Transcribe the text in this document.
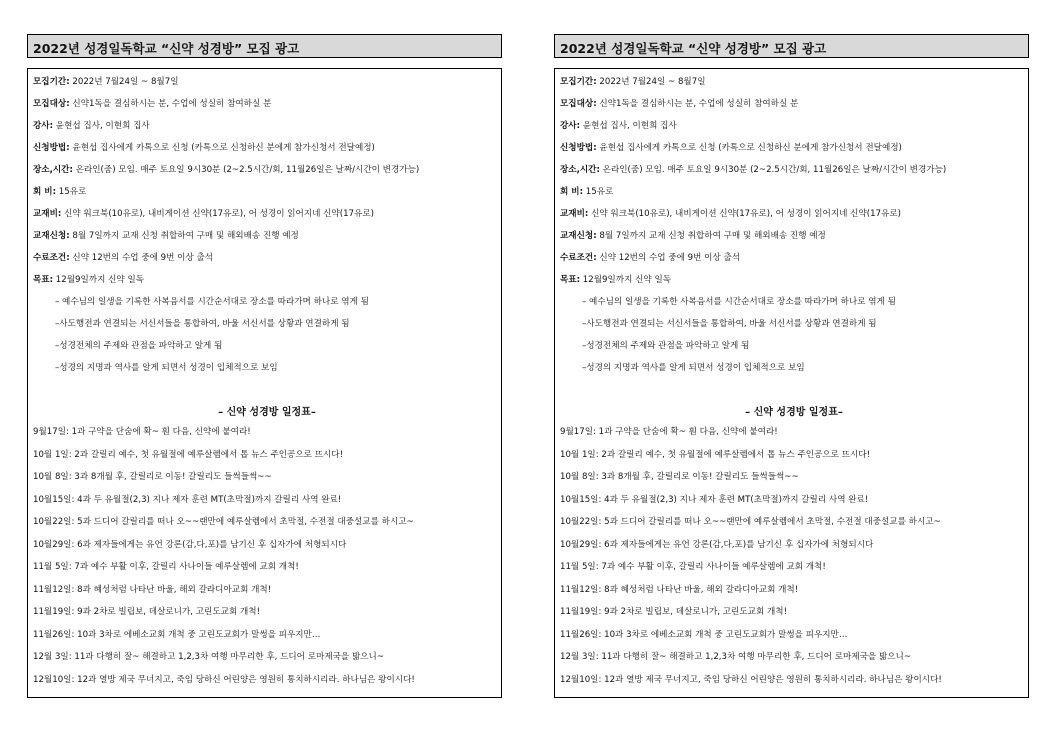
2022년 성경일독학교 “신약 성경방” 모집 광고
모집기간: 2022년 7월24일 ~ 8월7일
모집대상: 신약1독을 결심하시는 분, 수업에 성실히 참여하실 분
강사: 윤현섭 집사, 이현희 집사
신청방법: 윤현섭 집사에게 카톡으로 신청 (카톡으로 신청하신 분에게 참가신청서 전달예정)
장소,시간: 온라인(줌) 모임. 매주 토요일 9시30분 (2~2.5시간/회, 11월26일은 날짜/시간이 변경가능)
회 비: 15유로
교재비: 신약 워크북(10유로), 내비게이션 신약(17유로), 어 성경이 읽어지네 신약(17유로)
교재신청: 8월 7일까지 교재 신청 취합하여 구매 및 해외배송 진행 예정
수료조건: 신약 12번의 수업 중에 9번 이상 출석
목표: 12월9일까지 신약 일독
– 예수님의 일생을 기록한 사복음서를 시간순서대로 장소를 따라가며 하나로 엮게 됨
–사도행전과 연결되는 서신서들을 통합하여, 바울 서신서를 상황과 연결하게 됨
–성경전체의 주제와 관점을 파악하고 알게 됨
–성경의 지명과 역사를 알게 되면서 성경이 입체적으로 보임
– 신약 성경방 일정표–
9월17일: 1과 구약을 단숨에 확~ 훤 다음, 신약에 붙여라!
10월 1일: 2과 갈릴리 예수, 첫 유월절에 예루살렘에서 톱 뉴스 주인공으로 뜨시다!
10월 8일: 3과 8개월 후, 갈릴리로 이동! 갈릴리도 들썩들썩~~
10월15일: 4과 두 유월절(2,3) 지나 제자 훈련 MT(초막절)까지 갈릴리 사역 완료!
10월22일: 5과 드디어 갈릴리를 떠나 오~~랜만에 예루살렘에서 초막절, 수전절 대중설교를 하시고~
10월29일: 6과 제자들에게는 유언 강론(감,다,포)를 남기신 후 십자가에 처형되시다
11월 5일: 7과 예수 부활 이후, 갈릴리 사나이들 예루살렘에 교회 개척!
11월12일: 8과 혜성처럼 나타난 바울, 해외 갈라디아교회 개척!
11월19일: 9과 2차로 빌립보, 데살로니가, 고린도교회 개척!
11월26일: 10과 3차로 에베소교회 개척 중 고린도교회가 말썽을 피우지만…
12월 3일: 11과 다행히 잘~ 해결하고 1,2,3차 여행 마무리한 후, 드디어 로마제국을 밟으니~
12월10일: 12과 열방 제국 무너지고, 죽임 당하신 어린양은 영원히 통치하시리라. 하나님은 왕이시다!
2022년 성경일독학교 “신약 성경방” 모집 광고
모집기간: 2022년 7월24일 ~ 8월7일
모집대상: 신약1독을 결심하시는 분, 수업에 성실히 참여하실 분
강사: 윤현섭 집사, 이현희 집사
신청방법: 윤현섭 집사에게 카톡으로 신청 (카톡으로 신청하신 분에게 참가신청서 전달예정)
장소,시간: 온라인(줌) 모임. 매주 토요일 9시30분 (2~2.5시간/회, 11월26일은 날짜/시간이 변경가능)
회 비: 15유로
교재비: 신약 워크북(10유로), 내비게이션 신약(17유로), 어 성경이 읽어지네 신약(17유로)
교재신청: 8월 7일까지 교재 신청 취합하여 구매 및 해외배송 진행 예정
수료조건: 신약 12번의 수업 중에 9번 이상 출석
목표: 12월9일까지 신약 일독
– 예수님의 일생을 기록한 사복음서를 시간순서대로 장소를 따라가며 하나로 엮게 됨
–사도행전과 연결되는 서신서들을 통합하여, 바울 서신서를 상황과 연결하게 됨
–성경전체의 주제와 관점을 파악하고 알게 됨
–성경의 지명과 역사를 알게 되면서 성경이 입체적으로 보임
– 신약 성경방 일정표–
9월17일: 1과 구약을 단숨에 확~ 훤 다음, 신약에 붙여라!
10월 1일: 2과 갈릴리 예수, 첫 유월절에 예루살렘에서 톱 뉴스 주인공으로 뜨시다!
10월 8일: 3과 8개월 후, 갈릴리로 이동! 갈릴리도 들썩들썩~~
10월15일: 4과 두 유월절(2,3) 지나 제자 훈련 MT(초막절)까지 갈릴리 사역 완료!
10월22일: 5과 드디어 갈릴리를 떠나 오~~랜만에 예루살렘에서 초막절, 수전절 대중설교를 하시고~
10월29일: 6과 제자들에게는 유언 강론(감,다,포)를 남기신 후 십자가에 처형되시다
11월 5일: 7과 예수 부활 이후, 갈릴리 사나이들 예루살렘에 교회 개척!
11월12일: 8과 혜성처럼 나타난 바울, 해외 갈라디아교회 개척!
11월19일: 9과 2차로 빌립보, 데살로니가, 고린도교회 개척!
11월26일: 10과 3차로 에베소교회 개척 중 고린도교회가 말썽을 피우지만…
12월 3일: 11과 다행히 잘~ 해결하고 1,2,3차 여행 마무리한 후, 드디어 로마제국을 밟으니~
12월10일: 12과 열방 제국 무너지고, 죽임 당하신 어린양은 영원히 통치하시리라. 하나님은 왕이시다!
